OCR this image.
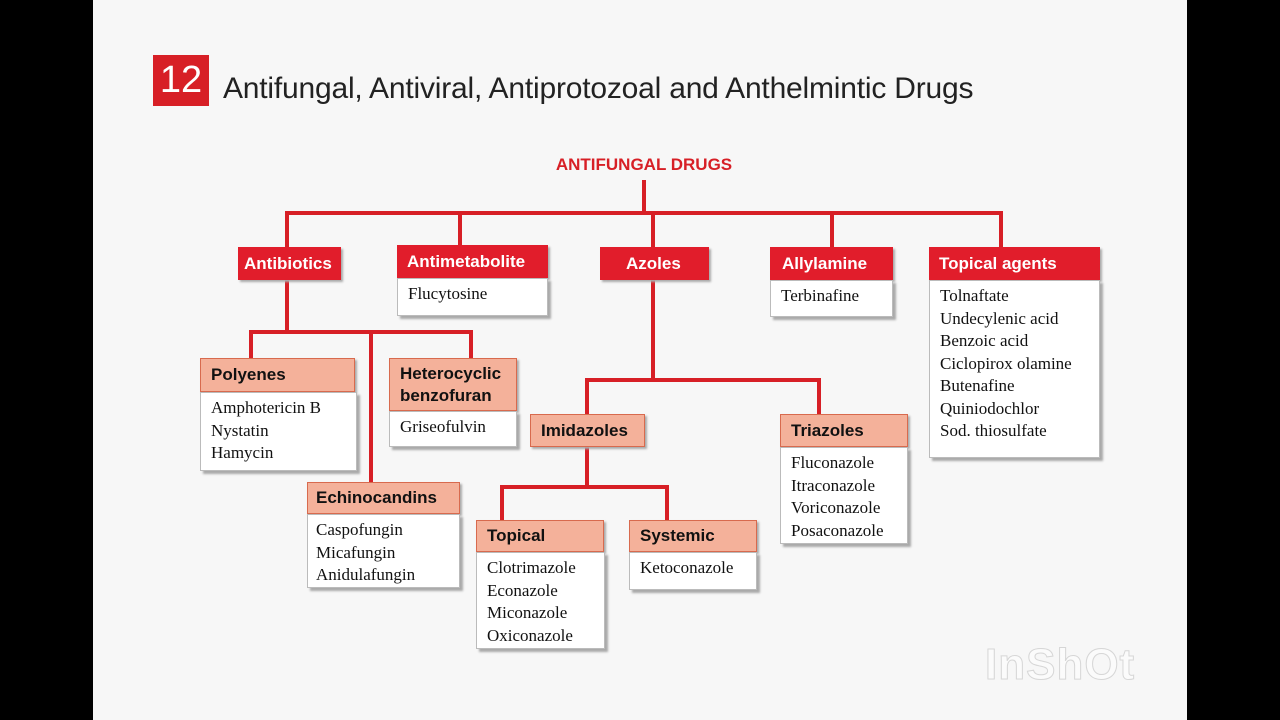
12 Antifungal, Antiviral, Antiprotozoal and Anthelmintic Drugs
ANTIFUNGAL DRUGS
Antibiotics	Antimetabolite
Flucytosine
Azoles	Allylamine
Terbinafine
Topical agents
Tolnaftate
Undecylenic acid
Benzoic acid
Ciclopirox olamine
Butenafine
Quiniodochlor
Sod. thiosulfate
Polyenes
Amphotericin B
Nystatin
Hamycin
Heterocyclic
benzofuran
Griseofulvin
Echinocandins
Caspofungin
Micafungin
Anidulafungin
Imidazoles	Triazoles
Fluconazole
Itraconazole
Voriconazole
Posaconazole
Topical
Clotrimazole
Econazole
Miconazole
Oxiconazole
Systemic
Ketoconazole
InShOt
